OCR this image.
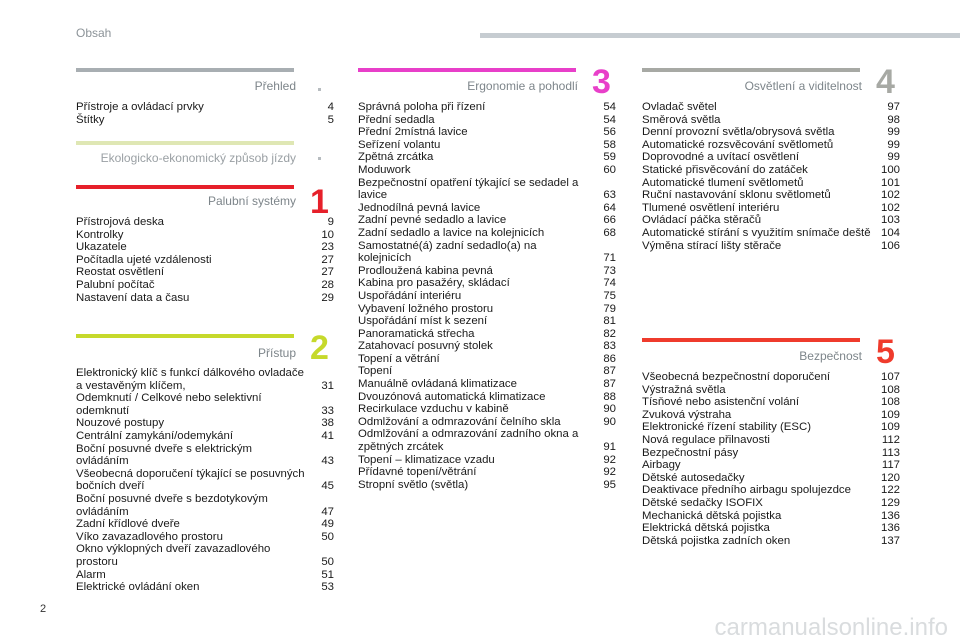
Obsah
Přehled
Přístroje a ovládací prvky	4
Štítky	5
Ekologicko-ekonomický způsob jízdy
Palubní systémy 1
Přístrojová deska	9
Kontrolky	10
Ukazatele	23
Počítadla ujeté vzdálenosti	27
Reostat osvětlení	27
Palubní počítač	28
Nastavení data a času	29
Přístup 2
Elektronický klíč s funkcí dálkového ovladače a vestavěným klíčem,	31
Odemknutí / Celkové nebo selektivní odemknutí	33
Nouzové postupy	38
Centrální zamykání/odemykání	41
Boční posuvné dveře s elektrickým ovládáním	43
Všeobecná doporučení týkající se posuvných bočních dveří	45
Boční posuvné dveře s bezdotykovým ovládáním	47
Zadní křídlové dveře	49
Víko zavazadlového prostoru	50
Okno výklopných dveří zavazadlového prostoru	50
Alarm	51
Elektrické ovládání oken	53
Ergonomie a pohodlí 3
Správná poloha při řízení	54
Přední sedadla	54
Přední 2místná lavice	56
Seřízení volantu	58
Zpětná zrcátka	59
Moduwork	60
Bezpečnostní opatření týkající se sedadel a lavice	63
Jednodílná pevná lavice	64
Zadní pevné sedadlo a lavice	66
Zadní sedadlo a lavice na kolejnicích	68
Samostatné(á) zadní sedadlo(a) na kolejnicích	71
Prodloužená kabina pevná	73
Kabina pro pasažéry, skládací	74
Uspořádání interiéru	75
Vybavení ložného prostoru	79
Uspořádání míst k sezení	81
Panoramatická střecha	82
Zatahovací posuvný stolek	83
Topení a větrání	86
Topení	87
Manuálně ovládaná klimatizace	87
Dvouzónová automatická klimatizace	88
Recirkulace vzduchu v kabině	90
Odmlžování a odmrazování čelního skla	90
Odmlžování a odmrazování zadního okna a zpětných zrcátek	91
Topení – klimatizace vzadu	92
Přídavné topení/větrání	92
Stropní světlo (světla)	95
Osvětlení a viditelnost 4
Ovladač světel	97
Směrová světla	98
Denní provozní světla/obrysová světla	99
Automatické rozsvěcování světlometů	99
Doprovodné a uvítací osvětlení	99
Statické přisvěcování do zatáček	100
Automatické tlumení světlometů	101
Ruční nastavování sklonu světlometů	102
Tlumené osvětlení interiéru	102
Ovládací páčka stěračů	103
Automatické stírání s využitím snímače deště 104
Výměna stírací lišty stěrače	106
Bezpečnost 5
Všeobecná bezpečnostní doporučení	107
Výstražná světla	108
Tísňové nebo asistenční volání	108
Zvuková výstraha	109
Elektronické řízení stability (ESC)	109
Nová regulace přilnavosti	112
Bezpečnostní pásy	113
Airbagy	117
Dětské autosedačky	120
Deaktivace předního airbagu spolujezdce	122
Dětské sedačky ISOFIX	129
Mechanická dětská pojistka	136
Elektrická dětská pojistka	136
Dětská pojistka zadních oken	137
2
carmanualsonline.info
